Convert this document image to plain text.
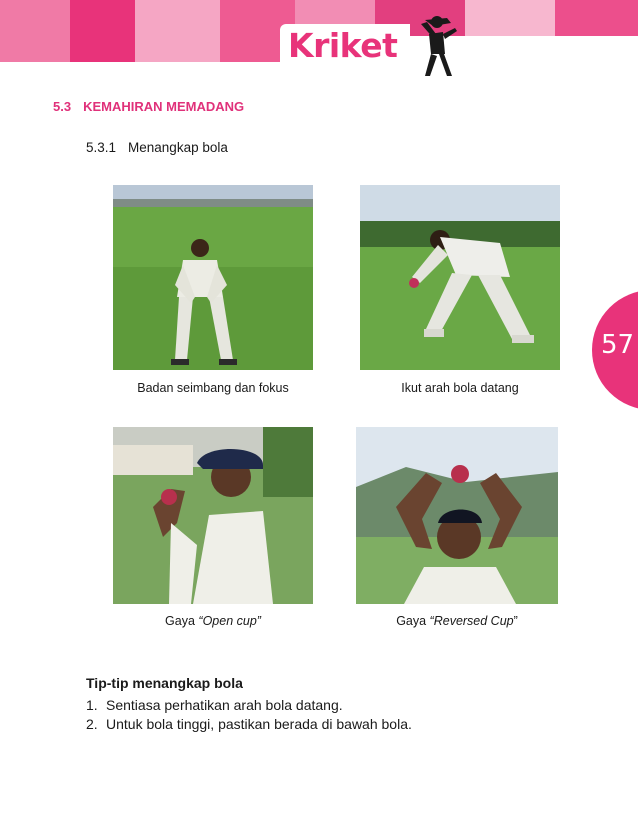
Kriket
5.3 KEMAHIRAN MEMADANG
5.3.1 Menangkap bola
57
Badan seimbang dan fokus	Ikut arah bola datang
Gaya “Open cup”	Gaya “Reversed Cup”
Tip-tip menangkap bola
1. Sentiasa perhatikan arah bola datang.
2. Untuk bola tinggi, pastikan berada di bawah bola.
